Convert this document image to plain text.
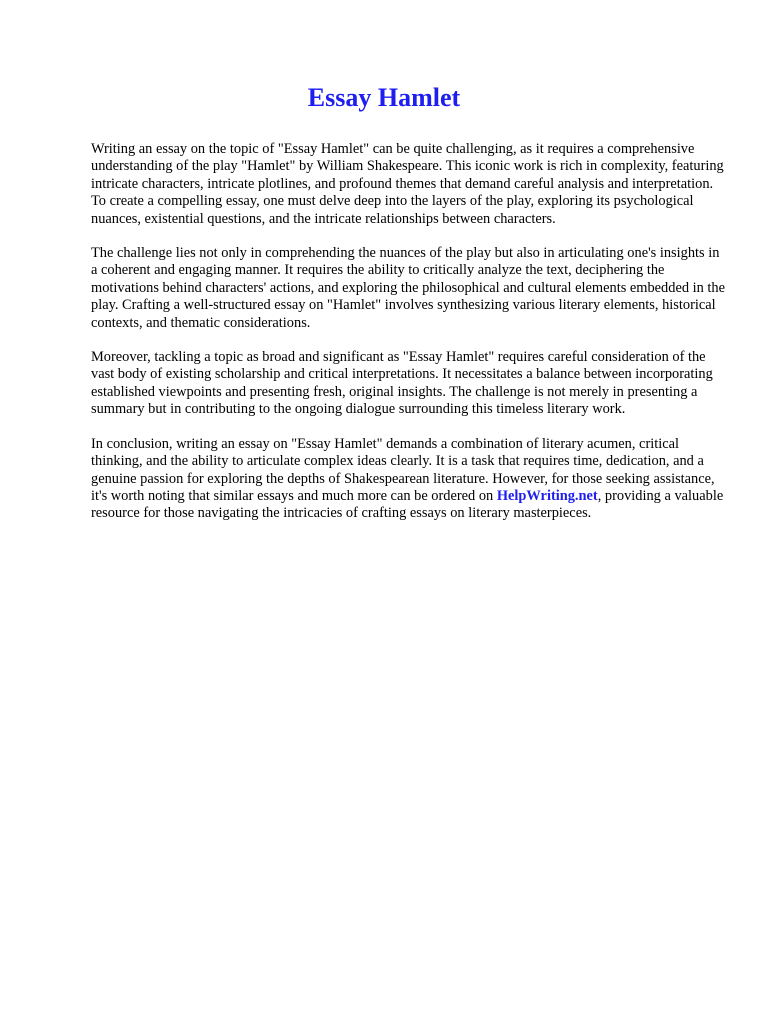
Essay Hamlet

Writing an essay on the topic of "Essay Hamlet" can be quite challenging, as it requires a comprehensive understanding of the play "Hamlet" by William Shakespeare. This iconic work is rich in complexity, featuring intricate characters, intricate plotlines, and profound themes that demand careful analysis and interpretation. To create a compelling essay, one must delve deep into the layers of the play, exploring its psychological nuances, existential questions, and the intricate relationships between characters.

The challenge lies not only in comprehending the nuances of the play but also in articulating one's insights in a coherent and engaging manner. It requires the ability to critically analyze the text, deciphering the motivations behind characters' actions, and exploring the philosophical and cultural elements embedded in the play. Crafting a well-structured essay on "Hamlet" involves synthesizing various literary elements, historical contexts, and thematic considerations.

Moreover, tackling a topic as broad and significant as "Essay Hamlet" requires careful consideration of the vast body of existing scholarship and critical interpretations. It necessitates a balance between incorporating established viewpoints and presenting fresh, original insights. The challenge is not merely in presenting a summary but in contributing to the ongoing dialogue surrounding this timeless literary work.

In conclusion, writing an essay on "Essay Hamlet" demands a combination of literary acumen, critical thinking, and the ability to articulate complex ideas clearly. It is a task that requires time, dedication, and a genuine passion for exploring the depths of Shakespearean literature. However, for those seeking assistance, it's worth noting that similar essays and much more can be ordered on HelpWriting.net, providing a valuable resource for those navigating the intricacies of crafting essays on literary masterpieces.
